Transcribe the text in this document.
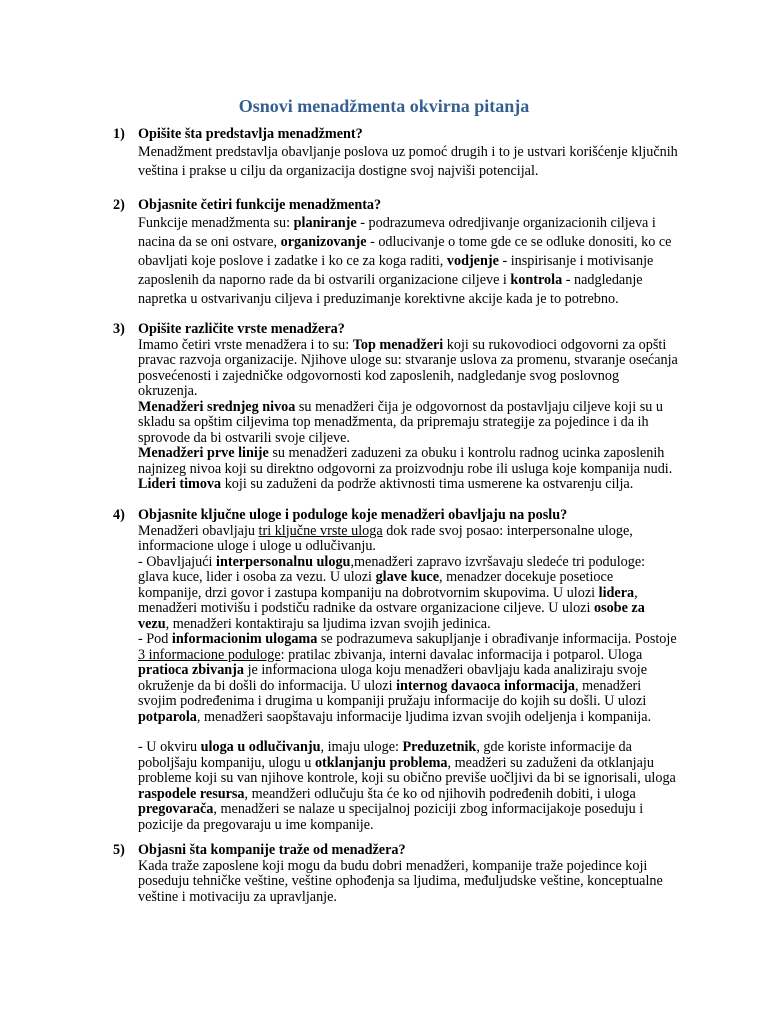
Osnovi menadžmenta okvirna pitanja
1) Opišite šta predstavlja menadžment?

Menadžment predstavlja obavljanje poslova uz pomoć drugih i to je ustvari korišćenje ključnih veština i prakse u cilju da organizacija dostigne svoj najviši potencijal.

2) Objasnite četiri funkcije menadžmenta?

Funkcije menadžmenta su: planiranje - podrazumeva odredjivanje organizacionih ciljeva i nacina da se oni ostvare, organizovanje - odlucivanje o tome gde ce se odluke donositi, ko ce obavljati koje poslove i zadatke i ko ce za koga raditi, vodjenje - inspirisanje i motivisanje zaposlenih da naporno rade da bi ostvarili organizacione ciljeve i kontrola - nadgledanje napretka u ostvarivanju ciljeva i preduzimanje korektivne akcije kada je to potrebno.

3) Opišite različite vrste menadžera?

Imamo četiri vrste menadžera i to su: Top menadžeri koji su rukovodioci odgovorni za opšti pravac razvoja organizacije. Njihove uloge su: stvaranje uslova za promenu, stvaranje osećanja posvećenosti i zajedničke odgovornosti kod zaposlenih, nadgledanje svog poslovnog okruzenja.

Menadžeri srednjeg nivoa su menadžeri čija je odgovornost da postavljaju ciljeve koji su u skladu sa opštim ciljevima top menadžmenta, da pripremaju strategije za pojedince i da ih sprovode da bi ostvarili svoje ciljeve.

Menadžeri prve linije su menadžeri zaduzeni za obuku i kontrolu radnog ucinka zaposlenih najnizeg nivoa koji su direktno odgovorni za proizvodnju robe ili usluga koje kompanija nudi.

Lideri timova koji su zaduženi da podrže aktivnosti tima usmerene ka ostvarenju cilja.

4) Objasnite ključne uloge i poduloge koje menadžeri obavljaju na poslu?

Menadžeri obavljaju tri ključne vrste uloga dok rade svoj posao: interpersonalne uloge, informacione uloge i uloge u odlučivanju.

- Obavljajući interpersonalnu ulogu,menadžeri zapravo izvršavaju sledeće tri poduloge: glava kuce, lider i osoba za vezu. U ulozi glave kuce, menadzer docekuje posetioce kompanije, drzi govor i zastupa kompaniju na dobrotvornim skupovima. U ulozi lidera, menadžeri motivišu i podstiču radnike da ostvare organizacione ciljeve. U ulozi osobe za vezu, menadžeri kontaktiraju sa ljudima izvan svojih jedinica.

- Pod informacionim ulogama se podrazumeva sakupljanje i obrađivanje informacija. Postoje 3 informacione poduloge: pratilac zbivanja, interni davalac informacija i potparol. Uloga pratioca zbivanja je informaciona uloga koju menadžeri obavljaju kada analiziraju svoje okruženje da bi došli do informacija. U ulozi internog davaoca informacija, menadžeri svojim podređenima i drugima u kompaniji pružaju informacije do kojih su došli. U ulozi potparola, menadžeri saopštavaju informacije ljudima izvan svojih odeljenja i kompanija.

- U okviru uloga u odlučivanju, imaju uloge: Preduzetnik, gde koriste informacije da poboljšaju kompaniju, ulogu u otklanjanju problema, meadžeri su zaduženi da otklanjaju probleme koji su van njihove kontrole, koji su obično previše uočljivi da bi se ignorisali, uloga raspodele resursa, meandžeri odlučuju šta će ko od njihovih podređenih dobiti, i uloga pregovarača, menadžeri se nalaze u specijalnoj poziciji zbog informacijakoje poseduju i pozicije da pregovaraju u ime kompanije.

5) Objasni šta kompanije traže od menadžera?

Kada traže zaposlene koji mogu da budu dobri menadžeri, kompanije traže pojedince koji poseduju tehničke veštine, veštine ophođenja sa ljudima, međuljudske veštine, konceptualne veštine i motivaciju za upravljanje.
